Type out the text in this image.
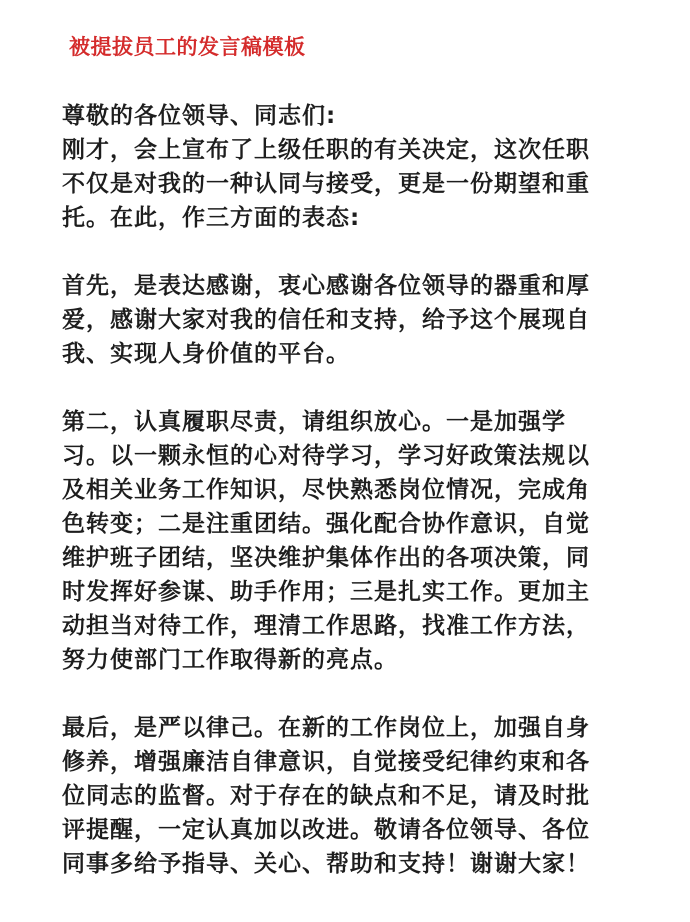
被提拔员工的发言稿模板
尊敬的各位领导、同志们:
刚才，会上宣布了上级任职的有关决定，这次任职
不仅是对我的一种认同与接受，更是一份期望和重
托。在此，作三方面的表态:
首先，是表达感谢，衷心感谢各位领导的器重和厚
爱，感谢大家对我的信任和支持，给予这个展现自
我、实现人身价值的平台。
第二，认真履职尽责，请组织放心。一是加强学
习。以一颗永恒的心对待学习，学习好政策法规以
及相关业务工作知识，尽快熟悉岗位情况，完成角
色转变；二是注重团结。强化配合协作意识，自觉
维护班子团结，坚决维护集体作出的各项决策，同
时发挥好参谋、助手作用；三是扎实工作。更加主
动担当对待工作，理清工作思路，找准工作方法，
努力使部门工作取得新的亮点。
最后，是严以律己。在新的工作岗位上，加强自身
修养，增强廉洁自律意识，自觉接受纪律约束和各
位同志的监督。对于存在的缺点和不足，请及时批
评提醒，一定认真加以改进。敬请各位领导、各位
同事多给予指导、关心、帮助和支持！谢谢大家！
